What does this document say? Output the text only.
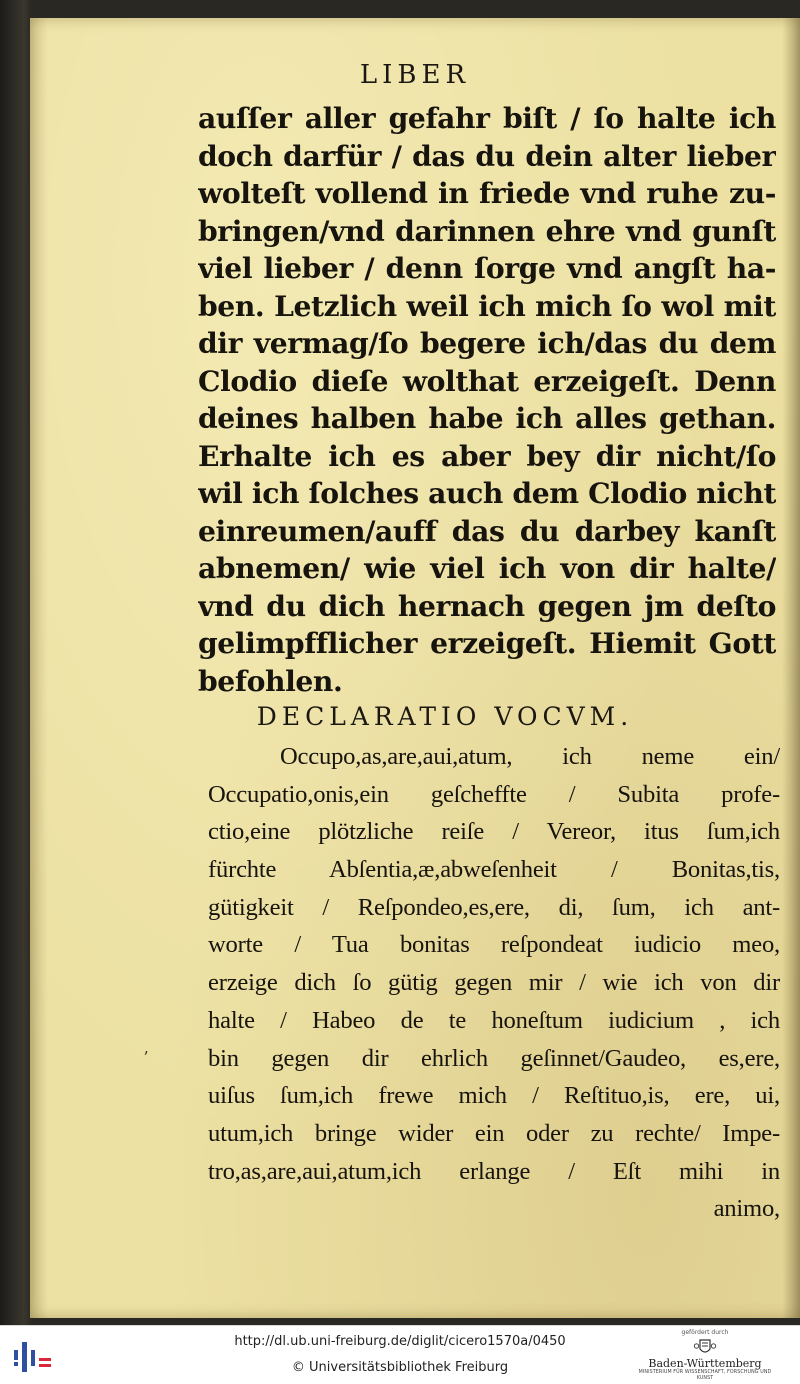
LIBER
auſſer aller gefahr biſt / ſo halte ich
doch darfür / das du dein alter lieber
wolteſt vollend in friede vnd ruhe zu-
bringen/vnd darinnen ehre vnd gunſt
viel lieber / denn ſorge vnd angſt ha-
ben. Letzlich weil ich mich ſo wol mit
dir vermag/ſo begere ich/das du dem
Clodio dieſe wolthat erzeigeſt. Denn
deines halben habe ich alles gethan.
Erhalte ich es aber bey dir nicht/ſo
wil ich ſolches auch dem Clodio nicht
einreumen/auff das du darbey kanſt
abnemen/ wie viel ich von dir halte/
vnd du dich hernach gegen jm deſto
gelimpfflicher erzeigeſt. Hiemit Gott
befohlen.
DECLARATIO VOCVM.
Occupo,as,are,aui,atum, ich neme ein/
Occupatio,onis,ein geſcheffte / Subita profe-
ctio,eine plötzliche reiſe / Vereor, itus ſum,ich
fürchte Abſentia,æ,abweſenheit / Bonitas,tis,
gütigkeit / Reſpondeo,es,ere, di, ſum, ich ant-
worte / Tua bonitas reſpondeat iudicio meo,
erzeige dich ſo gütig gegen mir / wie ich von dir
halte / Habeo de te honeſtum iudicium , ich
bin gegen dir ehrlich geſinnet/Gaudeo, es,ere,
uiſus ſum,ich frewe mich / Reſtituo,is, ere, ui,
utum,ich bringe wider ein oder zu rechte/ Impe-
tro,as,are,aui,atum,ich erlange / Eſt mihi in
animo,
ʼ
http://dl.ub.uni-freiburg.de/diglit/cicero1570a/0450
© Universitätsbibliothek Freiburg
gefördert durch
Baden-Württemberg
MINISTERIUM FÜR WISSENSCHAFT, FORSCHUNG UND KUNST
